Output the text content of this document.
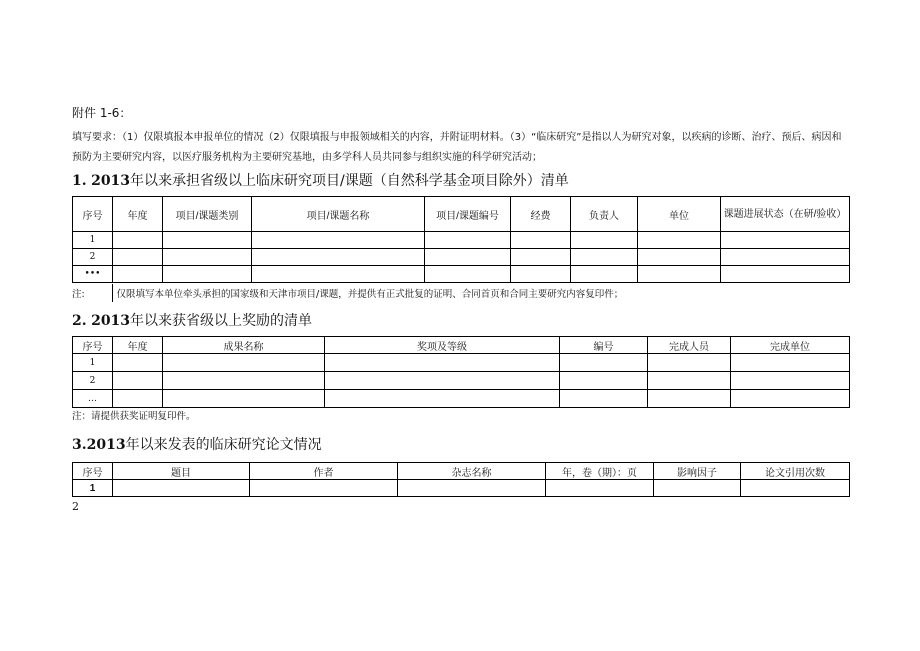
附件 1-6：
填写要求：（1）仅限填报本申报单位的情况（2）仅限填报与申报领域相关的内容，并附证明材料。（3）“临床研究”是指以人为研究对象，以疾病的诊断、治疗、预后、病因和预防为主要研究内容，以医疗服务机构为主要研究基地，由多学科人员共同参与组织实施的科学研究活动；
1. 2013年以来承担省级以上临床研究项目/课题（自然科学基金项目除外）清单
序号	年度	项目/课题类别	项目/课题名称	项目/课题编号	经费	负责人	单位	课题进展状态（在研/验收）
1								
2								
•••								
注:	仅限填写本单位牵头承担的国家级和天津市项目/课题，并提供有正式批复的证明、合同首页和合同主要研究内容复印件；
2. 2013年以来获省级以上奖励的清单
序号	年度	成果名称	奖项及等级	编号	完成人员	完成单位
1						
2						
…						
注：请提供获奖证明复印件。
3.2013年以来发表的临床研究论文情况
序号	题目	作者	杂志名称	年，卷（期）：页	影响因子	论文引用次数
1						
2
